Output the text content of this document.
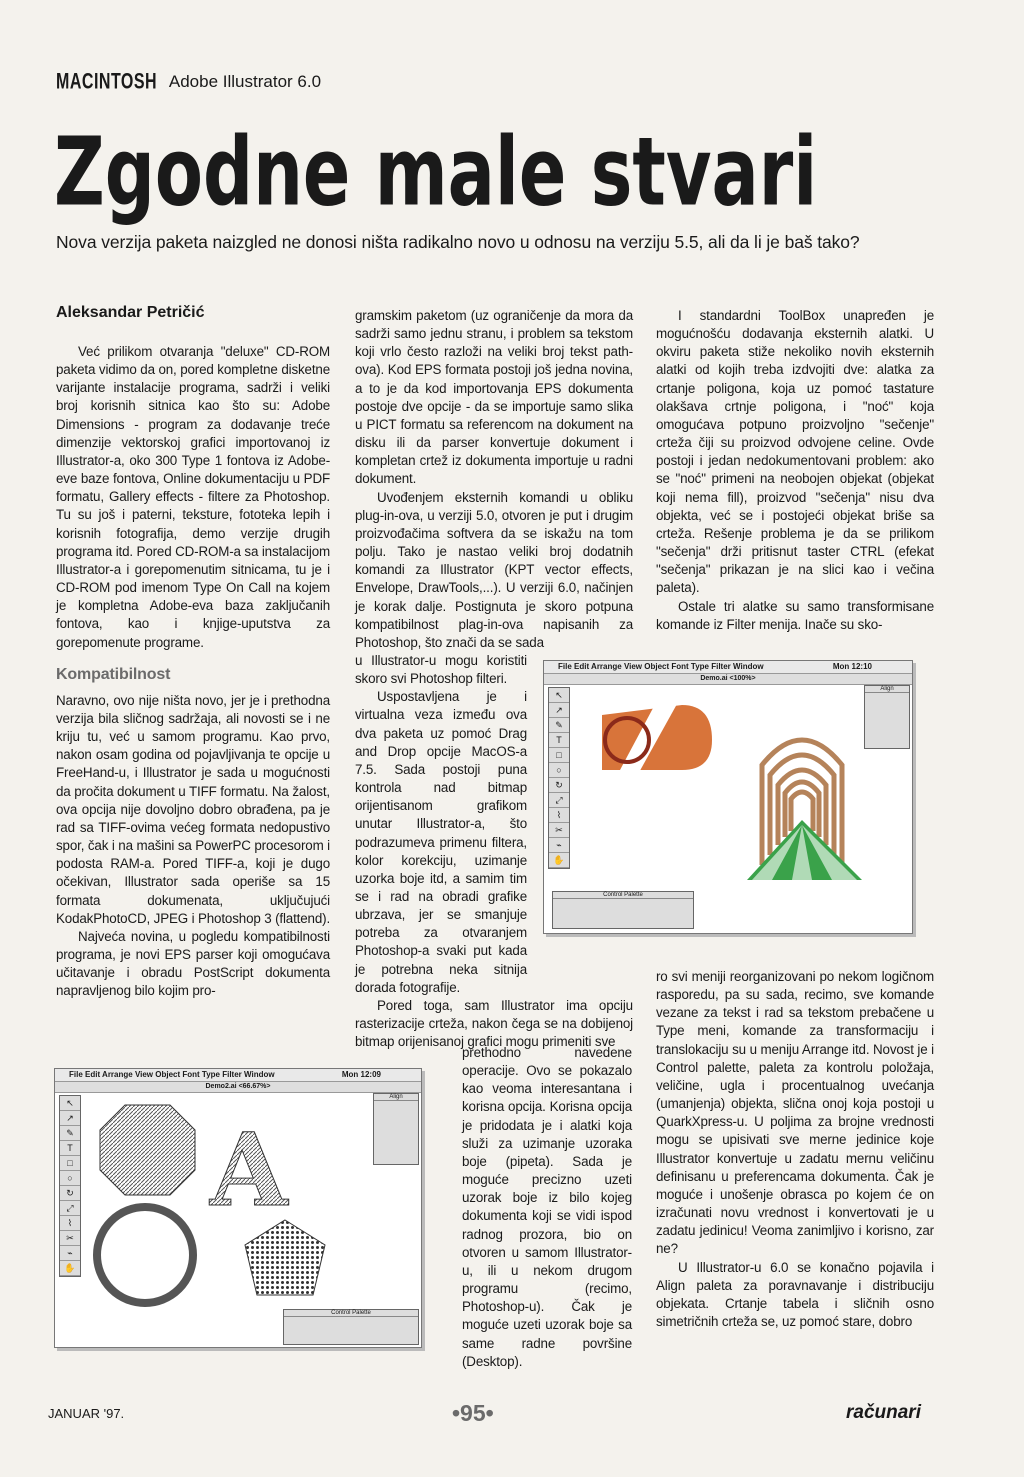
MACINTOSH Adobe Illustrator 6.0
Zgodne male stvari
Nova verzija paketa naizgled ne donosi ništa radikalno novo u odnosu na verziju 5.5, ali da li je baš tako?
Aleksandar Petričić

Već prilikom otvaranja "deluxe" CD-ROM paketa vidimo da on, pored kompletne disketne varijante instalacije programa, sadrži i veliki broj korisnih sitnica kao što su: Adobe Dimensions - program za dodavanje treće dimenzije vektorskoj grafici importovanoj iz Illustrator-a, oko 300 Type 1 fontova iz Adobe-eve baze fontova, Online dokumentaciju u PDF formatu, Gallery effects - filtere za Photoshop. Tu su još i paterni, teksture, fototeka lepih i korisnih fotografija, demo verzije drugih programa itd. Pored CD-ROM-a sa instalacijom Illustrator-a i gorepomenutim sitnicama, tu je i CD-ROM pod imenom Type On Call na kojem je kompletna Adobe-eva baza zaključanih fontova, kao i knjige-uputstva za gorepomenute programe.

Kompatibilnost

Naravno, ovo nije ništa novo, jer je i prethodna verzija bila sličnog sadržaja, ali novosti se i ne kriju tu, već u samom programu. Kao prvo, nakon osam godina od pojavljivanja te opcije u FreeHand-u, i Illustrator je sada u mogućnosti da pročita dokument u TIFF formatu. Na žalost, ova opcija nije dovoljno dobro obrađena, pa je rad sa TIFF-ovima većeg formata nedopustivo spor, čak i na mašini sa PowerPC procesorom i podosta RAM-a. Pored TIFF-a, koji je dugo očekivan, Illustrator sada operiše sa 15 formata dokumenata, uključujući KodakPhotoCD, JPEG i Photoshop 3 (flattend).

Najveća novina, u pogledu kompatibilnosti programa, je novi EPS parser koji omogućava učitavanje i obradu PostScript dokumenta napravljenog bilo kojim pro-

gramskim paketom (uz ograničenje da mora da sadrži samo jednu stranu, i problem sa tekstom koji vrlo često razloži na veliki broj tekst path-ova). Kod EPS formata postoji još jedna novina, a to je da kod importovanja EPS dokumenta postoje dve opcije - da se importuje samo slika u PICT formatu sa referencom na dokument na disku ili da parser konvertuje dokument i kompletan crtež iz dokumenta importuje u radni dokument.

Uvođenjem eksternih komandi u obliku plug-in-ova, u verziji 5.0, otvoren je put i drugim proizvođačima softvera da se iskažu na tom polju. Tako je nastao veliki broj dodatnih komandi za Illustrator (KPT vector effects, Envelope, DrawTools,...). U verziji 6.0, načinjen je korak dalje. Postignuta je skoro potpuna kompatibilnost plag-in-ova napisanih za Photoshop, što znači da se sada

u Illustrator-u mogu koristiti skoro svi Photoshop filteri.

Uspostavljena je i virtualna veza između ova dva paketa uz pomoć Drag and Drop opcije MacOS-a 7.5. Sada postoji puna kontrola nad bitmap orijentisanom grafikom unutar Illustrator-a, što podrazumeva primenu filtera, kolor korekciju, uzimanje uzorka boje itd, a samim tim se i rad na obradi grafike ubrzava, jer se smanjuje potreba za otvaranjem Photoshop-a svaki put kada je potrebna neka sitnija dorada fotografije.

Pored toga, sam Illustrator ima opciju rasterizacije crteža, nakon čega se na dobijenoj bitmap orijenisanoj grafici mogu primeniti sve

prethodno navedene operacije. Ovo se pokazalo kao veoma interesantana i korisna opcija. Korisna opcija je pridodata je i alatki koja služi za uzimanje uzoraka boje (pipeta). Sada je moguće precizno uzeti uzorak boje iz bilo kojeg dokumenta koji se vidi ispod radnog prozora, bio on otvoren u samom Illustrator-u, ili u nekom drugom programu (recimo, Photoshop-u). Čak je moguće uzeti uzorak boje sa same radne površine (Desktop).

I standardni ToolBox unapređen je mogućnošću dodavanja eksternih alatki. U okviru paketa stiže nekoliko novih eksternih alatki od kojih treba izdvojiti dve: alatka za crtanje poligona, koja uz pomoć tastature olakšava crtnje poligona, i "noć" koja omogućava potpuno proizvoljno "sečenje" crteža čiji su proizvod odvojene celine. Ovde postoji i jedan nedokumentovani problem: ako se "noć" primeni na neobojen objekat (objekat koji nema fill), proizvod "sečenja" nisu dva objekta, već se i postojeći objekat briše sa crteža. Rešenje problema je da se prilikom "sečenja" drži pritisnut taster CTRL (efekat "sečenja" prikazan je na slici kao i večina paleta).

Ostale tri alatke su samo transformisane komande iz Filter menija. Inače su sko-

ro svi meniji reorganizovani po nekom logičnom rasporedu, pa su sada, recimo, sve komande vezane za tekst i rad sa tekstom prebačene u Type meni, komande za transformaciju i translokaciju su u meniju Arrange itd. Novost je i Control palette, paleta za kontrolu položaja, veličine, ugla i procentualnog uvećanja (umanjenja) objekta, slična onoj koja postoji u QuarkXpress-u. U poljima za brojne vrednosti mogu se upisivati sve merne jedinice koje Illustrator konvertuje u zadatu mernu veličinu definisanu u preferencama dokumenta. Čak je moguće i unošenje obrasca po kojem će on izračunati novu vrednost i konvertovati je u zadatu jedinicu! Veoma zanimljivo i korisno, zar ne?

U Illustrator-u 6.0 se konačno pojavila i Align paleta za poravnavanje i distribuciju objekata. Crtanje tabela i sličnih osno simetričnih crteža se, uz pomoć stare, dobro

File Edit Arrange View Object Font Type Filter Window	Mon 12:10
Demo.ai <100%>
↖
↗
✎
T
□
○
↻
⤢
⌇
✂
⌁
✋
Align
Control Palette
File Edit Arrange View Object Font Type Filter Window	Mon 12:09
Demo2.ai <66.67%>
↖
↗
✎
T
□
○
↻
⤢
⌇
✂
⌁
✋
A
Align
Control Palette
JANUAR '97.	•95•	računari
